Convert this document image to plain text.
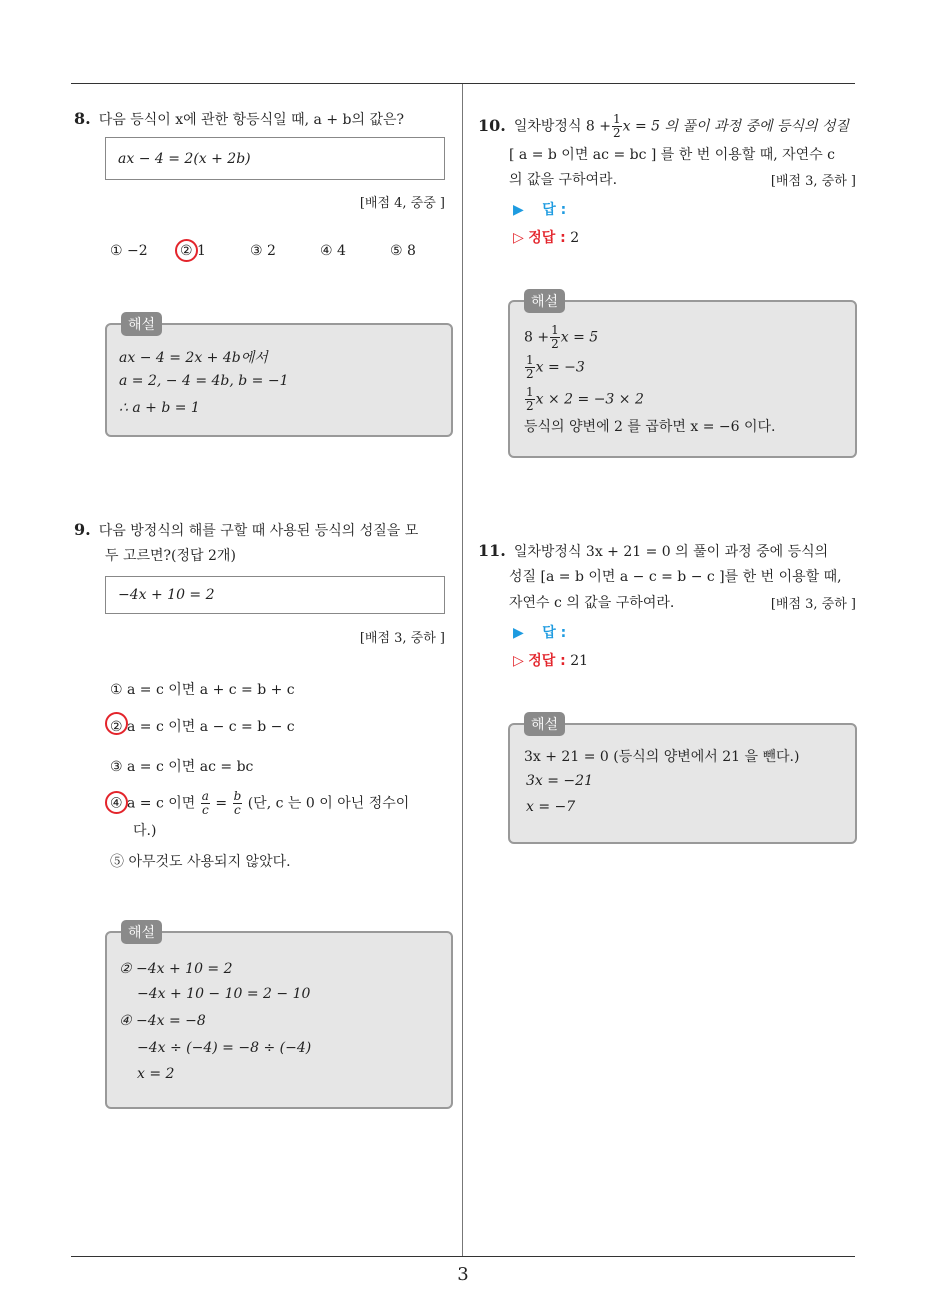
3
8. 다음 등식이 x에 관한 항등식일 때, a + b의 값은?
ax − 4 = 2(x + 2b)
[배점 4, 중중 ]
① −2 ② 1	③ 2	④ 4	⑤ 8
해설
ax − 4 = 2x + 4b에서
a = 2, − 4 = 4b, b = −1
∴ a + b = 1
9. 다음 방정식의 해를 구할 때 사용된 등식의 성질을 모
두 고르면?(정답 2개)
−4x + 10 = 2
[배점 3, 중하 ]
① a = c 이면 a + c = b + c
② a = c 이면 a − c = b − c
③ a = c 이면 ac = bc
④ a = c 이면 $\frac{a}{c} = \frac{b}{c}$ (단, c 는 0 이 아닌 정수이
다.)
⑤ 아무것도 사용되지 않았다.
해설
② −4x + 10 = 2
−4x + 10 − 10 = 2 − 10
④ −4x = −8
−4x ÷ (−4) = −8 ÷ (−4)
x = 2
10. 일차방정식 $8 + \frac{1}{2}$ x = 5 의 풀이 과정 중에 등식의 성질
[ a = b 이면 ac = bc ] 를 한 번 이용할 때, 자연수 c
의 값을 구하여라.	[배점 3, 중하 ]
▶ 답 :
▷ 정답 : 2
해설
$8 + \frac{1}{2}$ x = 5
$\frac{1}{2}$ x = −3
$\frac{1}{2}$ x × 2 = −3 × 2
등식의 양변에 2 를 곱하면 x = −6 이다.
11. 일차방정식 3x + 21 = 0 의 풀이 과정 중에 등식의
성질 [a = b 이면 a − c = b − c ]를 한 번 이용할 때,
자연수 c 의 값을 구하여라.	[배점 3, 중하 ]
▶ 답 :
▷ 정답 : 21
해설
3x + 21 = 0 (등식의 양변에서 21 을 뺀다.)
3x = −21
x = −7
